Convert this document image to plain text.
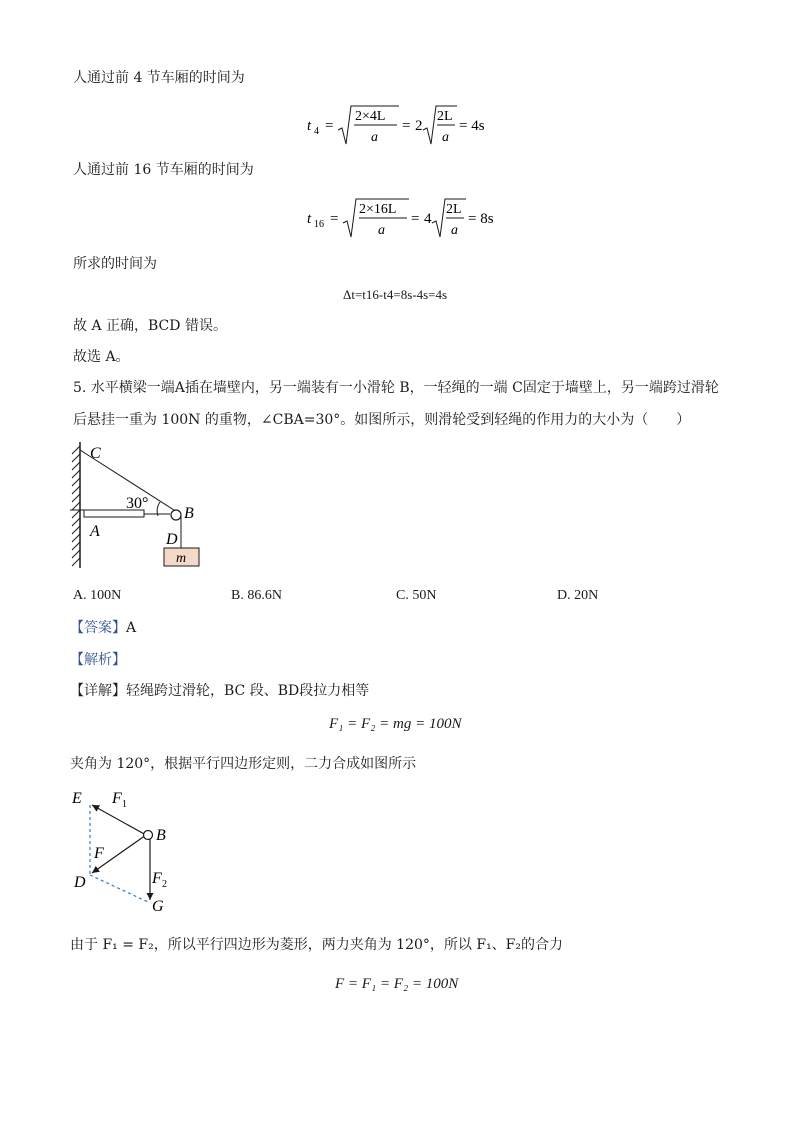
人通过前 4 节车厢的时间为
t 4 =
2×4L
a
= 2
2L
a
= 4s
人通过前 16 节车厢的时间为
t 16 =
2×16L
a
= 4
2L
a
= 8s
所求的时间为
Δt=t16-t4=8s-4s=4s
故 A 正确，BCD 错误。
故选 A。
5. 水平横梁一端A插在墙壁内，另一端装有一小滑轮 B，一轻绳的一端 C固定于墙壁上，另一端跨过滑轮
后悬挂一重为 100N 的重物，∠CBA=30°。如图所示，则滑轮受到轻绳的作用力的大小为（　　）
C
30°
B
A	D
m
A. 100N	B. 86.6N	C. 50N	D. 20N
【答案】A
【解析】
【详解】轻绳跨过滑轮，BC 段、BD段拉力相等
F₁ = F₂ = mg = 100N
夹角为 120°，根据平行四边形定则，二力合成如图所示
E F 1
B
F
D	F 2
G
由于 F₁ = F₂，所以平行四边形为菱形，两力夹角为 120°，所以 F₁、F₂的合力
F = F₁ = F₂ = 100N
